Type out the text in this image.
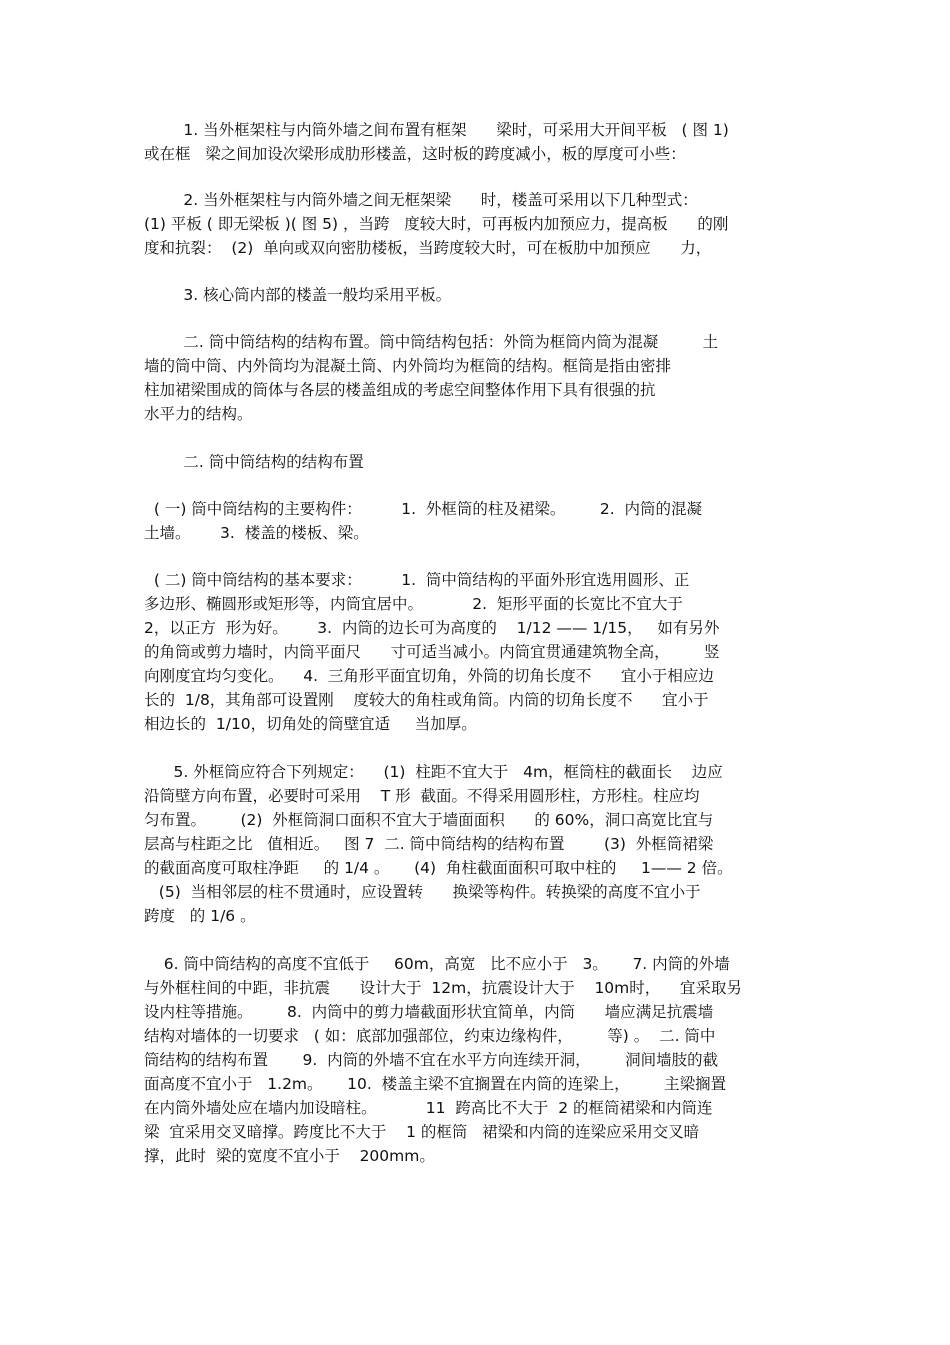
1. 当外框架柱与内筒外墙之间布置有框架      梁时，可采用大开间平板   ( 图 1)
或在框   梁之间加设次梁形成肋形楼盖，这时板的跨度减小，板的厚度可小些：
2. 当外框架柱与内筒外墙之间无框架梁      时，楼盖可采用以下几种型式：
(1) 平板 ( 即无梁板 )( 图 5) ，当跨   度较大时，可再板内加预应力，提高板      的刚
度和抗裂：  (2)  单向或双向密肋楼板，当跨度较大时，可在板肋中加预应      力，
3. 核心筒内部的楼盖一般均采用平板。
二. 筒中筒结构的结构布置。筒中筒结构包括：外筒为框筒内筒为混凝         土
墙的筒中筒、内外筒均为混凝土筒、内外筒均为框筒的结构。框筒是指由密排
柱加裙梁围成的筒体与各层的楼盖组成的考虑空间整体作用下具有很强的抗
水平力的结构。
二. 筒中筒结构的结构布置
( 一) 筒中筒结构的主要构件：        1.  外框筒的柱及裙梁。       2.  内筒的混凝
土墙。      3.  楼盖的楼板、梁。
( 二) 筒中筒结构的基本要求：        1.  筒中筒结构的平面外形宜选用圆形、正
多边形、椭圆形或矩形等，内筒宜居中。          2.  矩形平面的长宽比不宜大于
2，以正方  形为好。      3.  内筒的边长可为高度的    1/12 —— 1/15，   如有另外
的角筒或剪力墙时，内筒平面尺      寸可适当减小。内筒宜贯通建筑物全高，       竖
向刚度宜均匀变化。    4.  三角形平面宜切角，外筒的切角长度不      宜小于相应边
长的  1/8，其角部可设置刚    度较大的角柱或角筒。内筒的切角长度不      宜小于
相边长的  1/10，切角处的筒壁宜适     当加厚。
5. 外框筒应符合下列规定：    (1)  柱距不宜大于   4m，框筒柱的截面长    边应
沿筒壁方向布置，必要时可采用    T 形  截面。不得采用圆形柱，方形柱。柱应均
匀布置。       (2)  外框筒洞口面积不宜大于墙面面积      的 60%，洞口高宽比宜与
层高与柱距之比   值相近。   图 7  二. 筒中筒结构的结构布置        (3)  外框筒裙梁
的截面高度可取柱净距     的 1/4 。     (4)  角柱截面面积可取中柱的     1—— 2 倍。
(5)  当相邻层的柱不贯通时，应设置转      换梁等构件。转换梁的高度不宜小于
跨度   的 1/6 。
6. 筒中筒结构的高度不宜低于     60m，高宽   比不应小于   3。     7. 内筒的外墙
与外框柱间的中距，非抗震      设计大于  12m，抗震设计大于    10m时，    宜采取另
设内柱等措施。       8.  内筒中的剪力墙截面形状宜简单，内筒      墙应满足抗震墙
结构对墙体的一切要求   ( 如：底部加强部位，约束边缘构件，       等) 。  二. 筒中
筒结构的结构布置       9.  内筒的外墙不宜在水平方向连续开洞，       洞间墙肢的截
面高度不宜小于   1.2m。     10.  楼盖主梁不宜搁置在内筒的连梁上，       主梁搁置
在内筒外墙处应在墙内加设暗柱。          11  跨高比不大于  2 的框筒裙梁和内筒连
梁  宜采用交叉暗撑。跨度比不大于    1 的框筒   裙梁和内筒的连梁应采用交叉暗
撑，此时  梁的宽度不宜小于    200mm。
